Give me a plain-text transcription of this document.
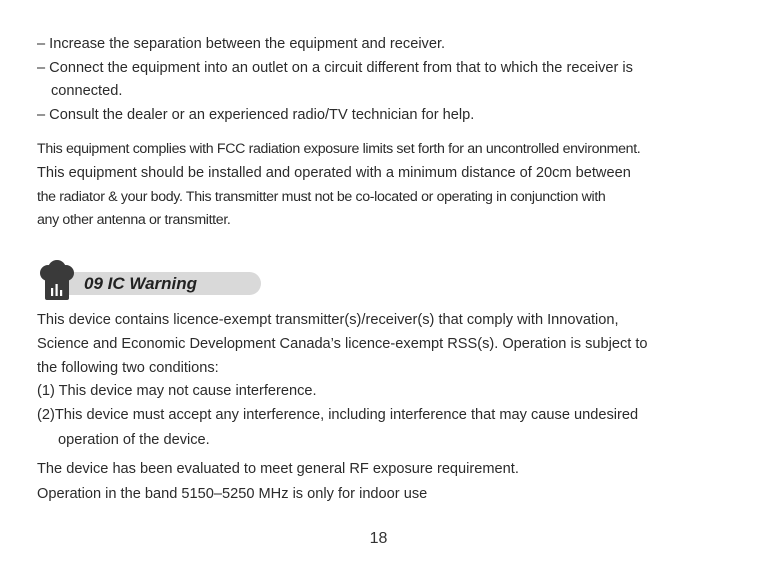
– Increase the separation between the equipment and receiver.
– Connect the equipment into an outlet on a circuit different from that to which the receiver is
connected.
– Consult the dealer or an experienced radio/TV technician for help.
This equipment complies with FCC radiation exposure limits set forth for an uncontrolled environment.
This equipment should be installed and operated with a minimum distance of 20cm between
the radiator & your body. This transmitter must not be co-located or operating in conjunction with
any other antenna or transmitter.
09 IC Warning
This device contains licence-exempt transmitter(s)/receiver(s) that comply with Innovation,
Science and Economic Development Canada’s licence-exempt RSS(s). Operation is subject to
the following two conditions:
(1) This device may not cause interference.
(2)This device must accept any interference, including interference that may cause undesired
operation of the device.
The device has been evaluated to meet general RF exposure requirement.
Operation in the band 5150–5250 MHz is only for indoor use
18
